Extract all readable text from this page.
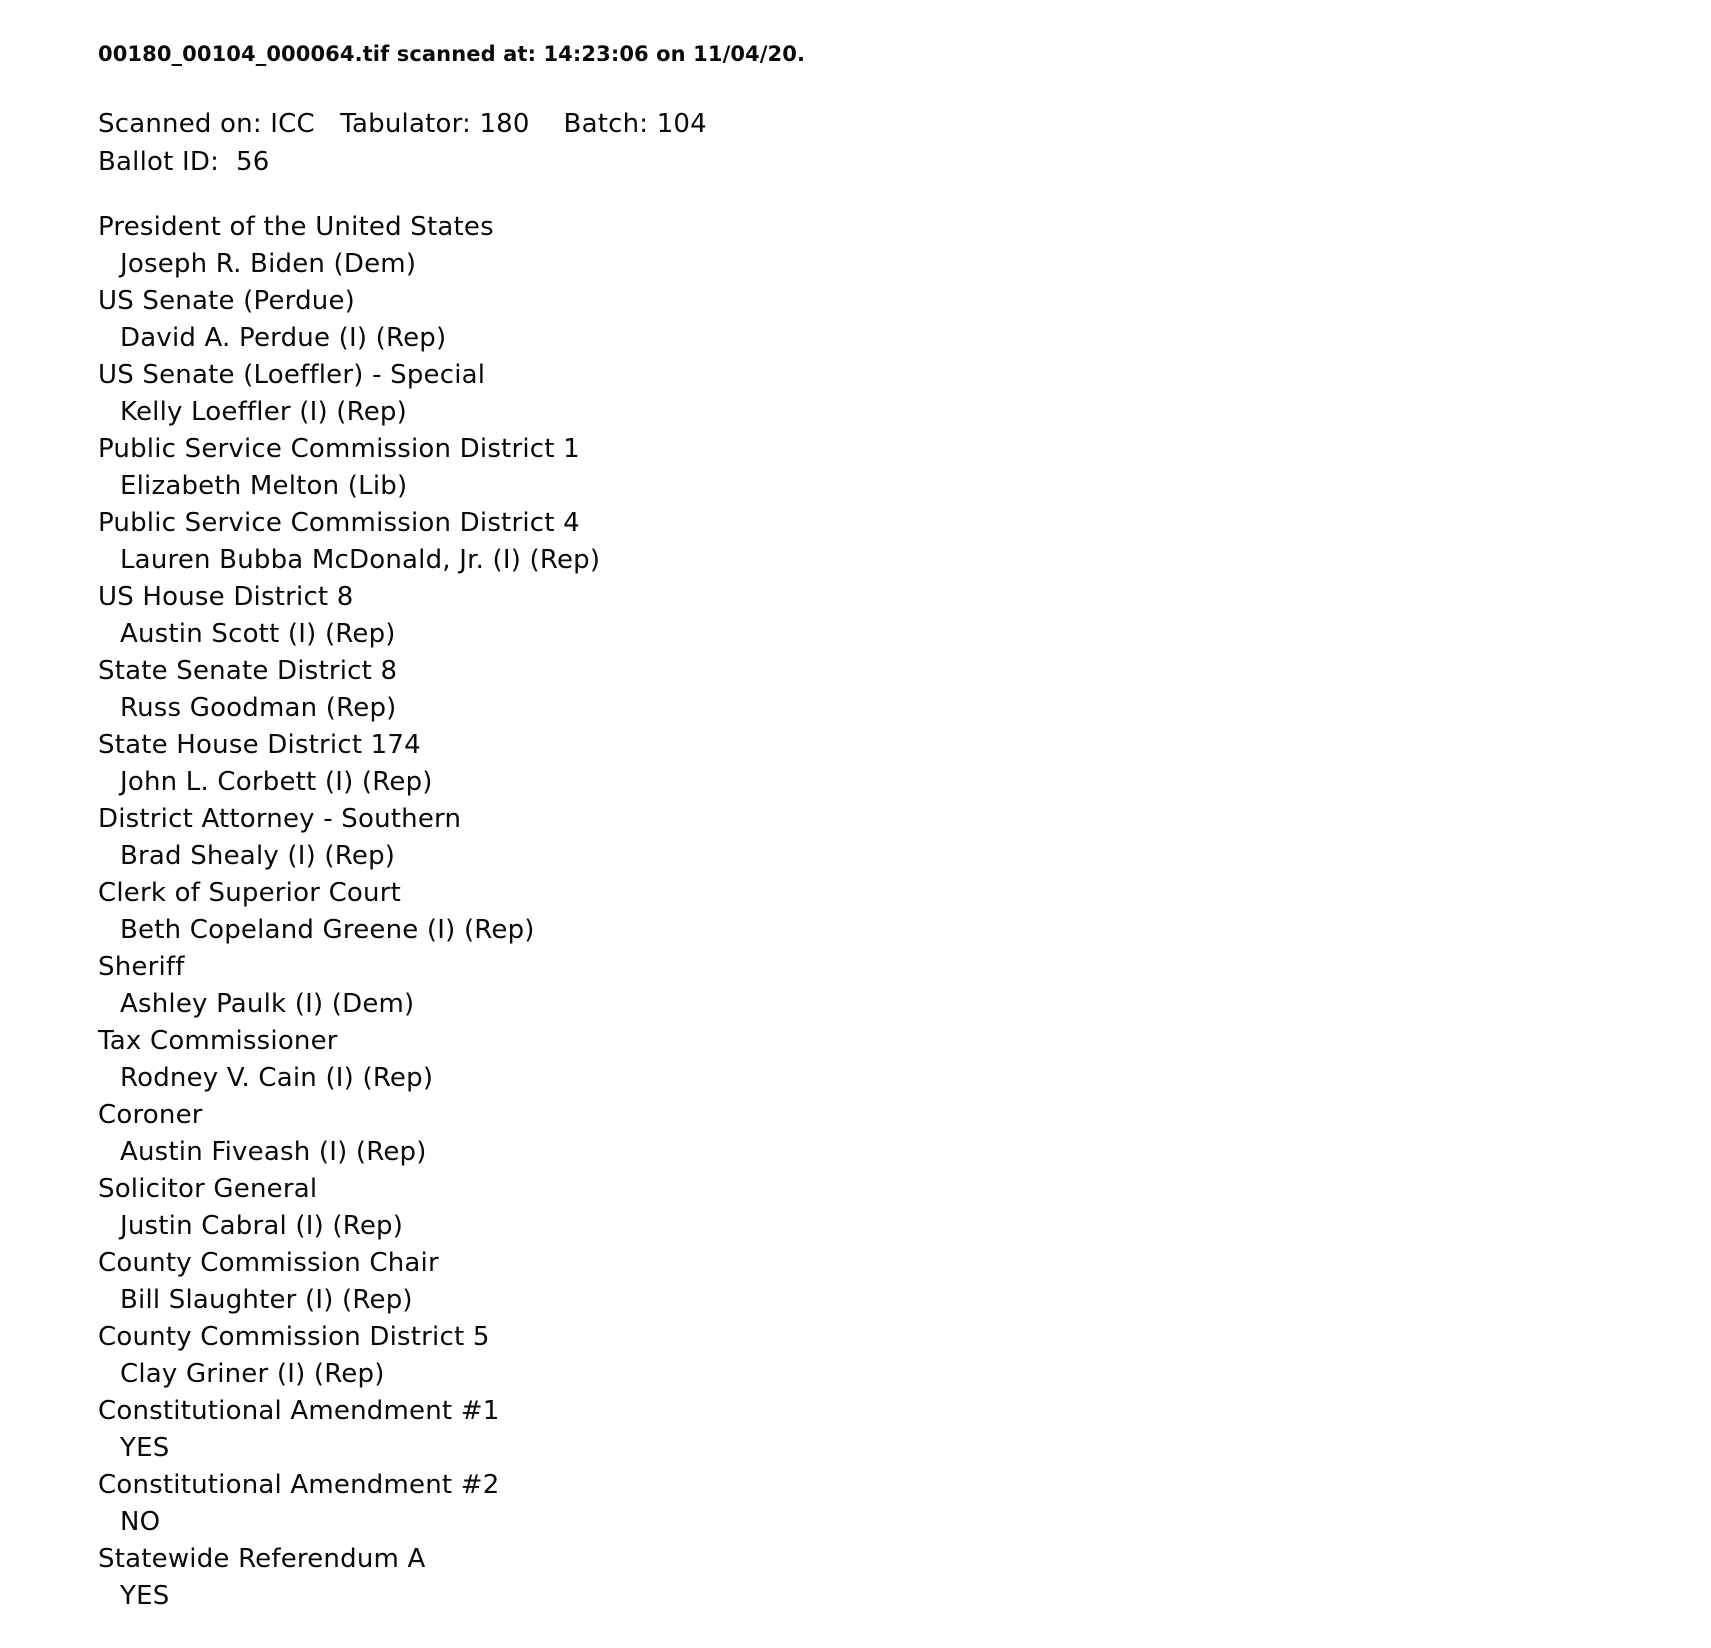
00180_00104_000064.tif scanned at: 14:23:06 on 11/04/20.
Scanned on: ICC   Tabulator: 180    Batch: 104
Ballot ID:  56
President of the United States
Joseph R. Biden (Dem)
US Senate (Perdue)
David A. Perdue (I) (Rep)
US Senate (Loeffler) - Special
Kelly Loeffler (I) (Rep)
Public Service Commission District 1
Elizabeth Melton (Lib)
Public Service Commission District 4
Lauren Bubba McDonald, Jr. (I) (Rep)
US House District 8
Austin Scott (I) (Rep)
State Senate District 8
Russ Goodman (Rep)
State House District 174
John L. Corbett (I) (Rep)
District Attorney - Southern
Brad Shealy (I) (Rep)
Clerk of Superior Court
Beth Copeland Greene (I) (Rep)
Sheriff
Ashley Paulk (I) (Dem)
Tax Commissioner
Rodney V. Cain (I) (Rep)
Coroner
Austin Fiveash (I) (Rep)
Solicitor General
Justin Cabral (I) (Rep)
County Commission Chair
Bill Slaughter (I) (Rep)
County Commission District 5
Clay Griner (I) (Rep)
Constitutional Amendment #1
YES
Constitutional Amendment #2
NO
Statewide Referendum A
YES
